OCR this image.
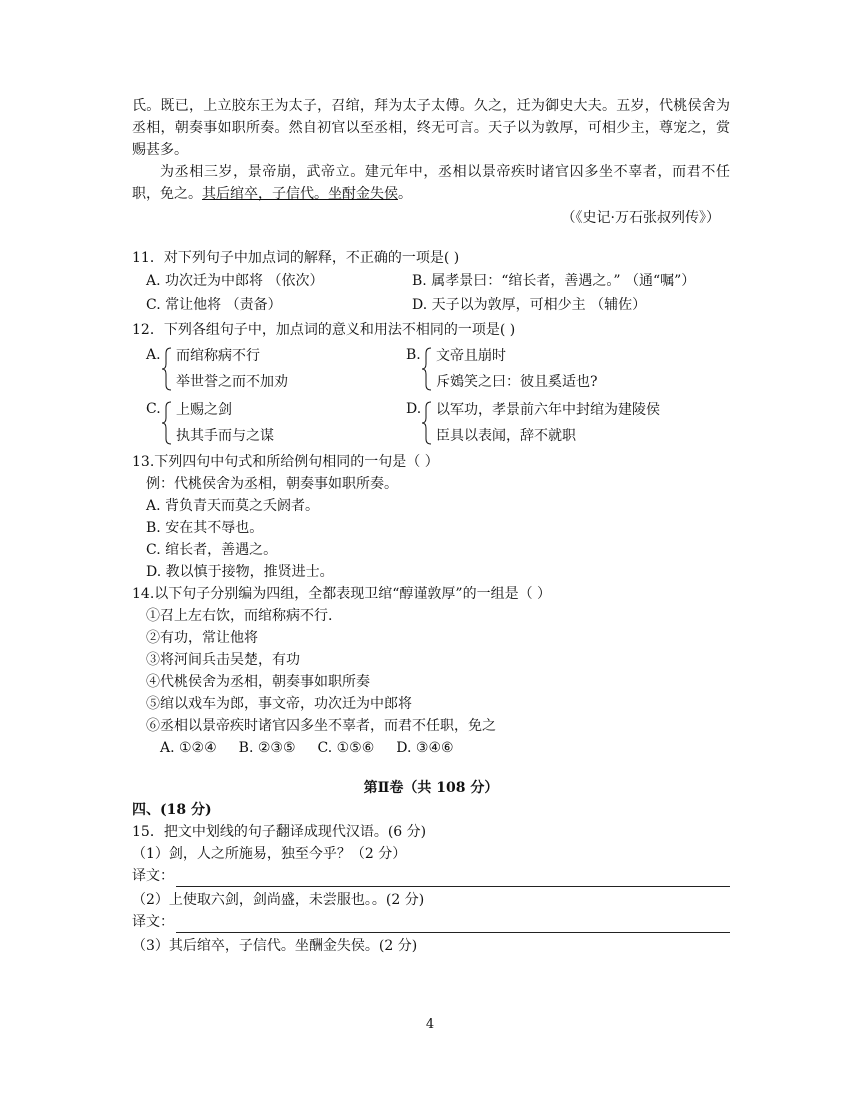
氏。既已，上立胶东王为太子，召绾，拜为太子太傅。久之，迁为御史大夫。五岁，代桃侯舍为丞相，朝奏事如职所奏。然自初官以至丞相，终无可言。天子以为敦厚，可相少主，尊宠之，赏赐甚多。

为丞相三岁，景帝崩，武帝立。建元年中，丞相以景帝疾时诸官囚多坐不辜者，而君不任职，免之。其后绾卒，子信代。坐酎金失侯。

（《史记·万石张叔列传》）

11．对下列句子中加点词的解释，不正确的一项是( )

A. 功次迁为中郎将 （依次）	B. 属孝景曰：“绾长者，善遇之。” （通“嘱”）
C. 常让他将 （责备）	D. 天子以为敦厚，可相少主 （辅佐）

12．下列各组句子中，加点词的意义和用法不相同的一项是( )

A. 而绾称病不行
举世誉之而不加劝
B. 文帝且崩时
斥鴳笑之曰：彼且奚适也?
C. 上赐之剑
执其手而与之谋
D. 以军功，孝景前六年中封绾为建陵侯
臣具以表闻，辞不就职

13.下列四句中句式和所给例句相同的一句是（ ）

例：代桃侯舍为丞相，朝奏事如职所奏。

A. 背负青天而莫之夭阏者。

B. 安在其不辱也。

C. 绾长者，善遇之。

D. 教以慎于接物，推贤进士。

14.以下句子分别编为四组，全都表现卫绾“醇谨敦厚”的一组是（ ）

①召上左右饮，而绾称病不行.

②有功，常让他将

③将河间兵击吴楚，有功

④代桃侯舍为丞相，朝奏事如职所奏

⑤绾以戏车为郎，事文帝，功次迁为中郎将

⑥丞相以景帝疾时诸官囚多坐不辜者，而君不任职，免之

A. ①②④ B. ②③⑤ C. ①⑤⑥ D. ③④⑥
第Ⅱ卷（共 108 分）

四、(18 分)

15．把文中划线的句子翻译成现代汉语。(6 分)

（1）剑，人之所施易，独至今乎？（2 分）

译文：

（2）上使取六剑，剑尚盛，未尝服也。。(2 分)

译文：

（3）其后绾卒，子信代。坐酬金失侯。(2 分)

4
